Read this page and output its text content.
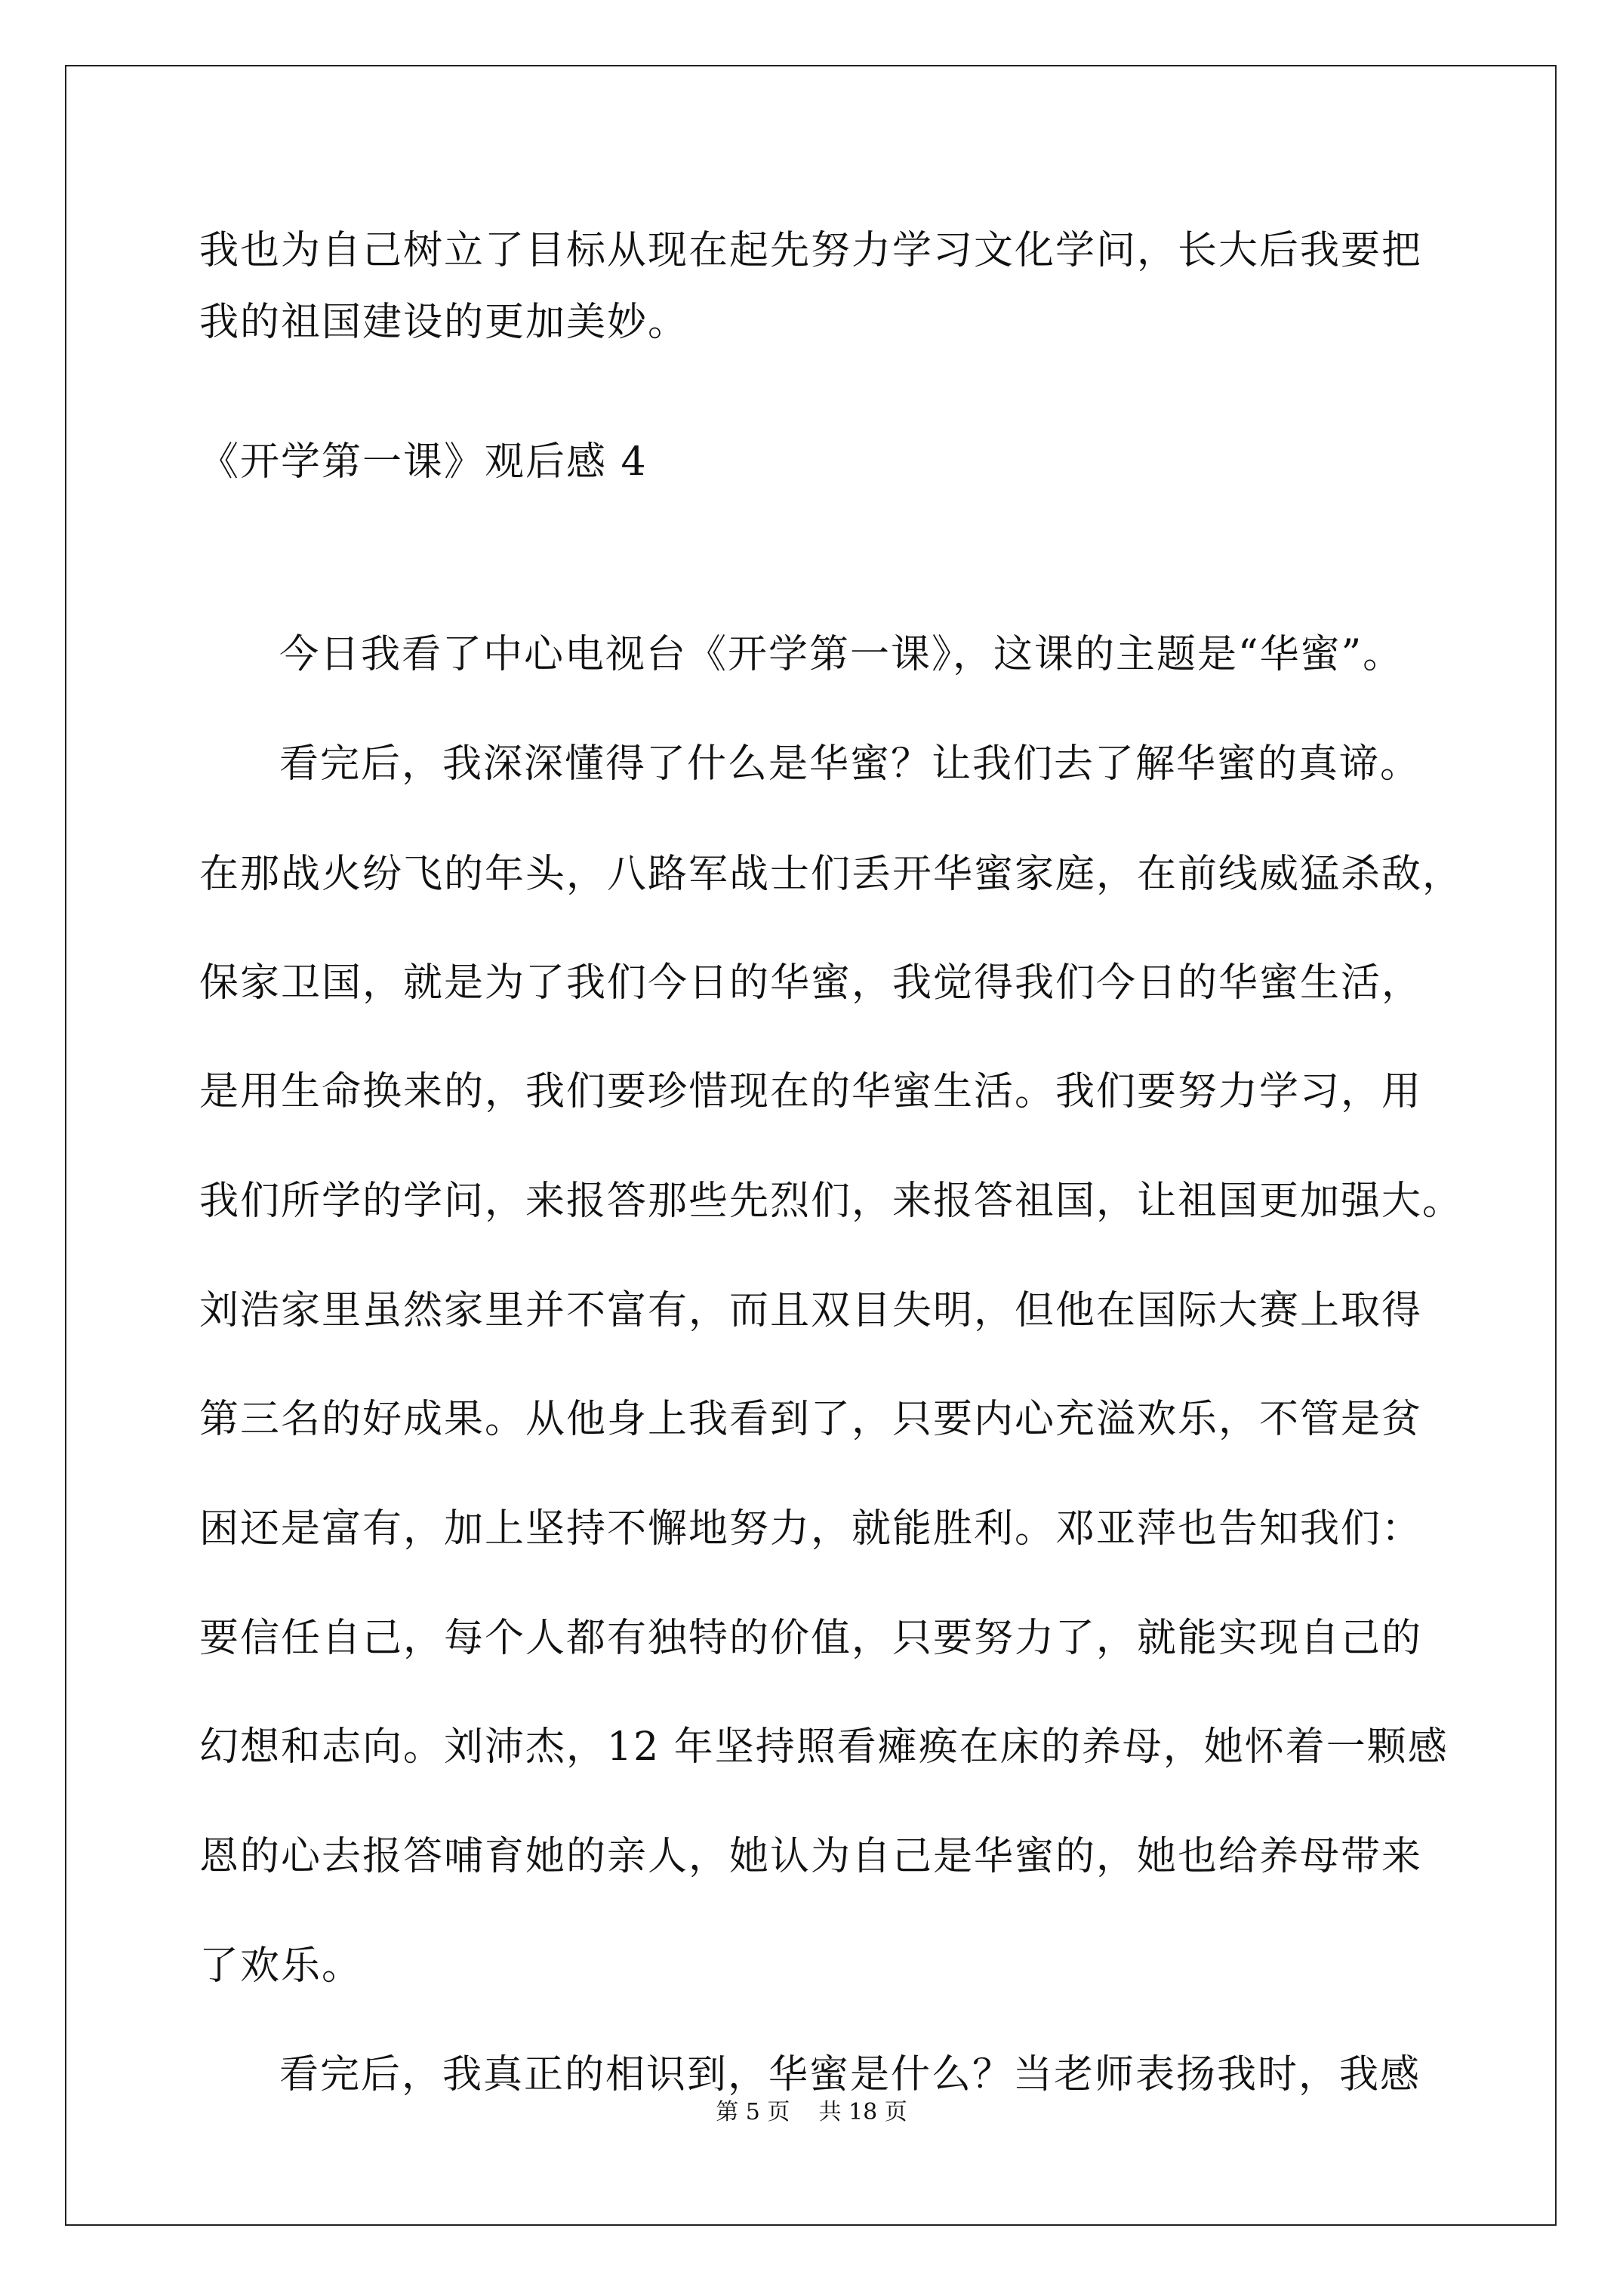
我也为自己树立了目标从现在起先努力学习文化学问，长大后我要把
我的祖国建设的更加美妙。
《开学第一课》观后感 4
今日我看了中心电视台《开学第一课》，这课的主题是“华蜜”。
看完后，我深深懂得了什么是华蜜？让我们去了解华蜜的真谛。
在那战火纷飞的年头，八路军战士们丢开华蜜家庭，在前线威猛杀敌，
保家卫国，就是为了我们今日的华蜜，我觉得我们今日的华蜜生活，
是用生命换来的，我们要珍惜现在的华蜜生活。我们要努力学习，用
我们所学的学问，来报答那些先烈们，来报答祖国，让祖国更加强大。
刘浩家里虽然家里并不富有，而且双目失明，但他在国际大赛上取得
第三名的好成果。从他身上我看到了，只要内心充溢欢乐，不管是贫
困还是富有，加上坚持不懈地努力，就能胜利。邓亚萍也告知我们：
要信任自己，每个人都有独特的价值，只要努力了，就能实现自己的
幻想和志向。刘沛杰，12 年坚持照看瘫痪在床的养母，她怀着一颗感
恩的心去报答哺育她的亲人，她认为自己是华蜜的，她也给养母带来
了欢乐。
看完后，我真正的相识到，华蜜是什么？当老师表扬我时，我感
第 5 页    共 18 页
